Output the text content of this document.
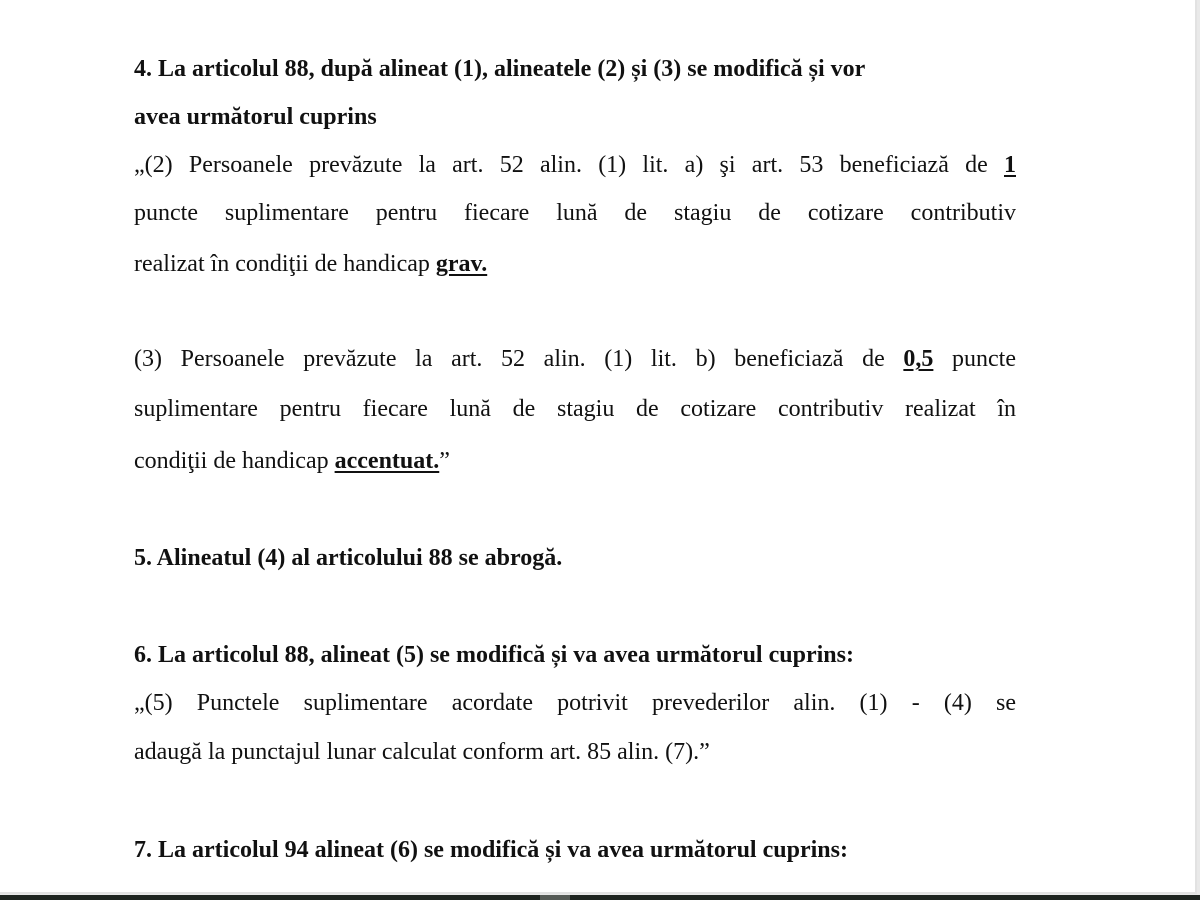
4. La articolul 88, după alineat (1), alineatele (2) și (3) se modifică și vor
avea următorul cuprins
„(2) Persoanele prevăzute la art. 52 alin. (1) lit. a) şi art. 53 beneficiază de 1
puncte suplimentare pentru fiecare lună de stagiu de cotizare contributiv
realizat în condiţii de handicap grav.
(3) Persoanele prevăzute la art. 52 alin. (1) lit. b) beneficiază de 0,5 puncte
suplimentare pentru fiecare lună de stagiu de cotizare contributiv realizat în
condiţii de handicap accentuat.”
5. Alineatul (4) al articolului 88 se abrogă.
6. La articolul 88, alineat (5) se modifică și va avea următorul cuprins:
„(5) Punctele suplimentare acordate potrivit prevederilor alin. (1) - (4) se
adaugă la punctajul lunar calculat conform art. 85 alin. (7).”
7. La articolul 94 alineat (6) se modifică și va avea următorul cuprins:
